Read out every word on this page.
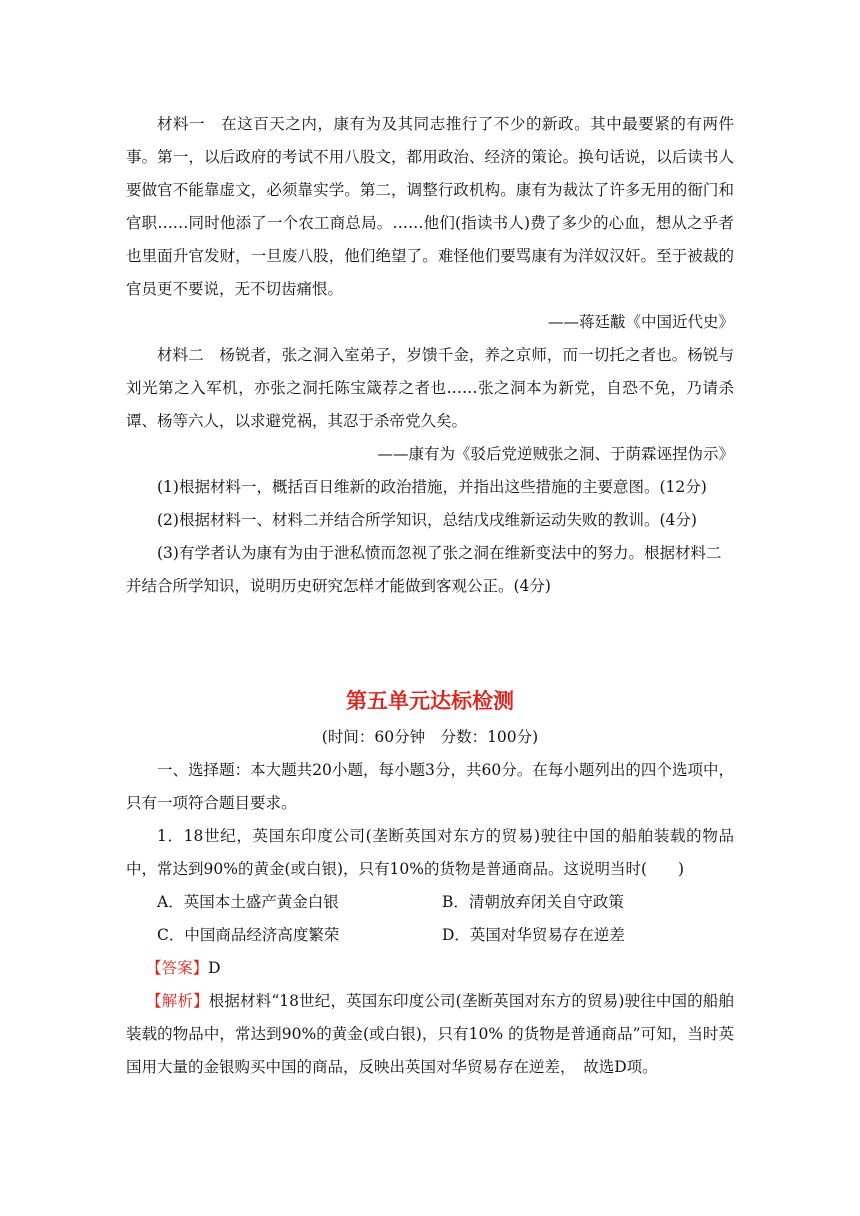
材料一　在这百天之内，康有为及其同志推行了不少的新政。其中最要紧的有两件事。第一，以后政府的考试不用八股文，都用政治、经济的策论。换句话说，以后读书人要做官不能靠虚文，必须靠实学。第二，调整行政机构。康有为裁汰了许多无用的衙门和官职……同时他添了一个农工商总局。……他们(指读书人)费了多少的心血，想从之乎者也里面升官发财，一旦废八股，他们绝望了。难怪他们要骂康有为洋奴汉奸。至于被裁的官员更不要说，无不切齿痛恨。

——蒋廷黻《中国近代史》

材料二　杨锐者，张之洞入室弟子，岁馈千金，养之京师，而一切托之者也。杨锐与刘光第之入军机，亦张之洞托陈宝箴荐之者也……张之洞本为新党，自恐不免，乃请杀谭、杨等六人，以求避党祸，其忍于杀帝党久矣。

——康有为《驳后党逆贼张之洞、于荫霖诬捏伪示》

(1)根据材料一，概括百日维新的政治措施，并指出这些措施的主要意图。(12分)

(2)根据材料一、材料二并结合所学知识，总结戊戌维新运动失败的教训。(4分)

(3)有学者认为康有为由于泄私愤而忽视了张之洞在维新变法中的努力。根据材料二并结合所学知识，说明历史研究怎样才能做到客观公正。(4分)

第五单元达标检测

(时间：60分钟　分数：100分)

一、选择题：本大题共20小题，每小题3分，共60分。在每小题列出的四个选项中，只有一项符合题目要求。

1．18世纪，英国东印度公司(垄断英国对东方的贸易)驶往中国的船舶装载的物品中，常达到90%的黄金(或白银)，只有10%的货物是普通商品。这说明当时(　　)

A．英国本土盛产黄金白银	B．清朝放弃闭关自守政策
C．中国商品经济高度繁荣	D．英国对华贸易存在逆差

【答案】D

【解析】根据材料“18世纪，英国东印度公司(垄断英国对东方的贸易)驶往中国的船舶装载的物品中，常达到90%的黄金(或白银)，只有10% 的货物是普通商品”可知，当时英国用大量的金银购买中国的商品，反映出英国对华贸易存在逆差，　故选D项。
